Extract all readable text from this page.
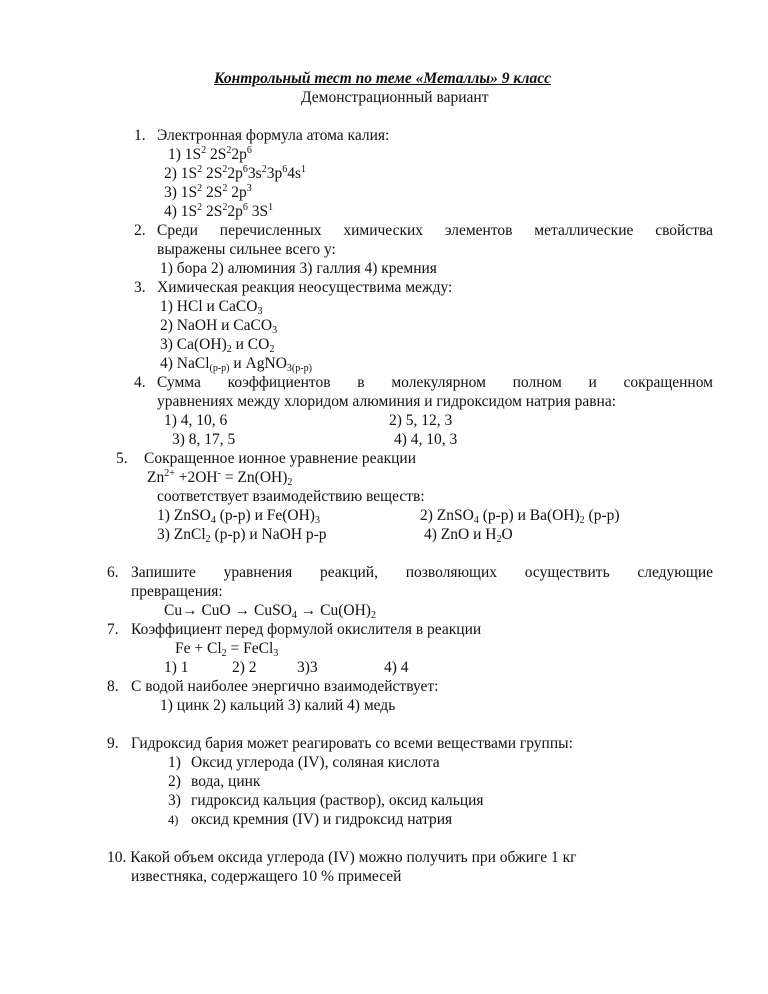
Контрольный тест по теме «Металлы» 9 класс
Демонстрационный вариант
1. Электронная формула атома калия:
1) $1S^2$ $2S^22p^6$
2) $1S^2$ $2S^22p^63s^23p^64s^1$
3) $1S^2$ $2S^2$ $2p^3$
4) $1S^2$ $2S^22p^6$ $3S^1$
2. Среди перечисленных химических элементов металлические свойства
выражены сильнее всего у:
1) бора 2) алюминия 3) галлия 4) кремния
3. Химическая реакция неосуществима между:
1) HCl и CaCO$_3$
2) NaOH и CaCO$_3$
3) $Ca(OH)_2$ и $CO_2$
4) NaCl$_{(р-р)}$ и AgNO$_{3(р-р)}$
4. Сумма коэффициентов в молекулярном полном и сокращенном
уравнениях между хлоридом алюминия и гидроксидом натрия равна:
1) 4, 10, 6	2) 5, 12, 3
3) 8, 17, 5	4) 4, 10, 3
5. Сокращенное ионное уравнение реакции
$Zn^{2+} +2OH^- = Zn(OH)_2$
соответствует взаимодействию веществ:
1) ZnSO$_4$ (р-р) и $Fe(OH)_3$	2) ZnSO$_4$ (р-р) и $Ba(OH)_2$ (р-р)
3) ZnCl$_2$ (р-р) и NaOH р-р	4) ZnO и $H_2O$
6. Запишите уравнения реакций, позволяющих осуществить следующие
превращения:
Cu→ CuO → CuSO$_4$ → $Cu(OH)_2$
7. Коэффициент перед формулой окислителя в реакции
$Fe + Cl_2$ = FeCl$_3$
1) 1	2) 2	3)3	4) 4
8. С водой наиболее энергично взаимодействует:
1) цинк 2) кальций 3) калий 4) медь
9. Гидроксид бария может реагировать со всеми веществами группы:
1) Оксид углерода (IV), соляная кислота
2) вода, цинк
3) гидроксид кальция (раствор), оксид кальция
4) оксид кремния (IV) и гидроксид натрия
10. Какой объем оксида углерода (IV) можно получить при обжиге 1 кг
известняка, содержащего 10 % примесей
